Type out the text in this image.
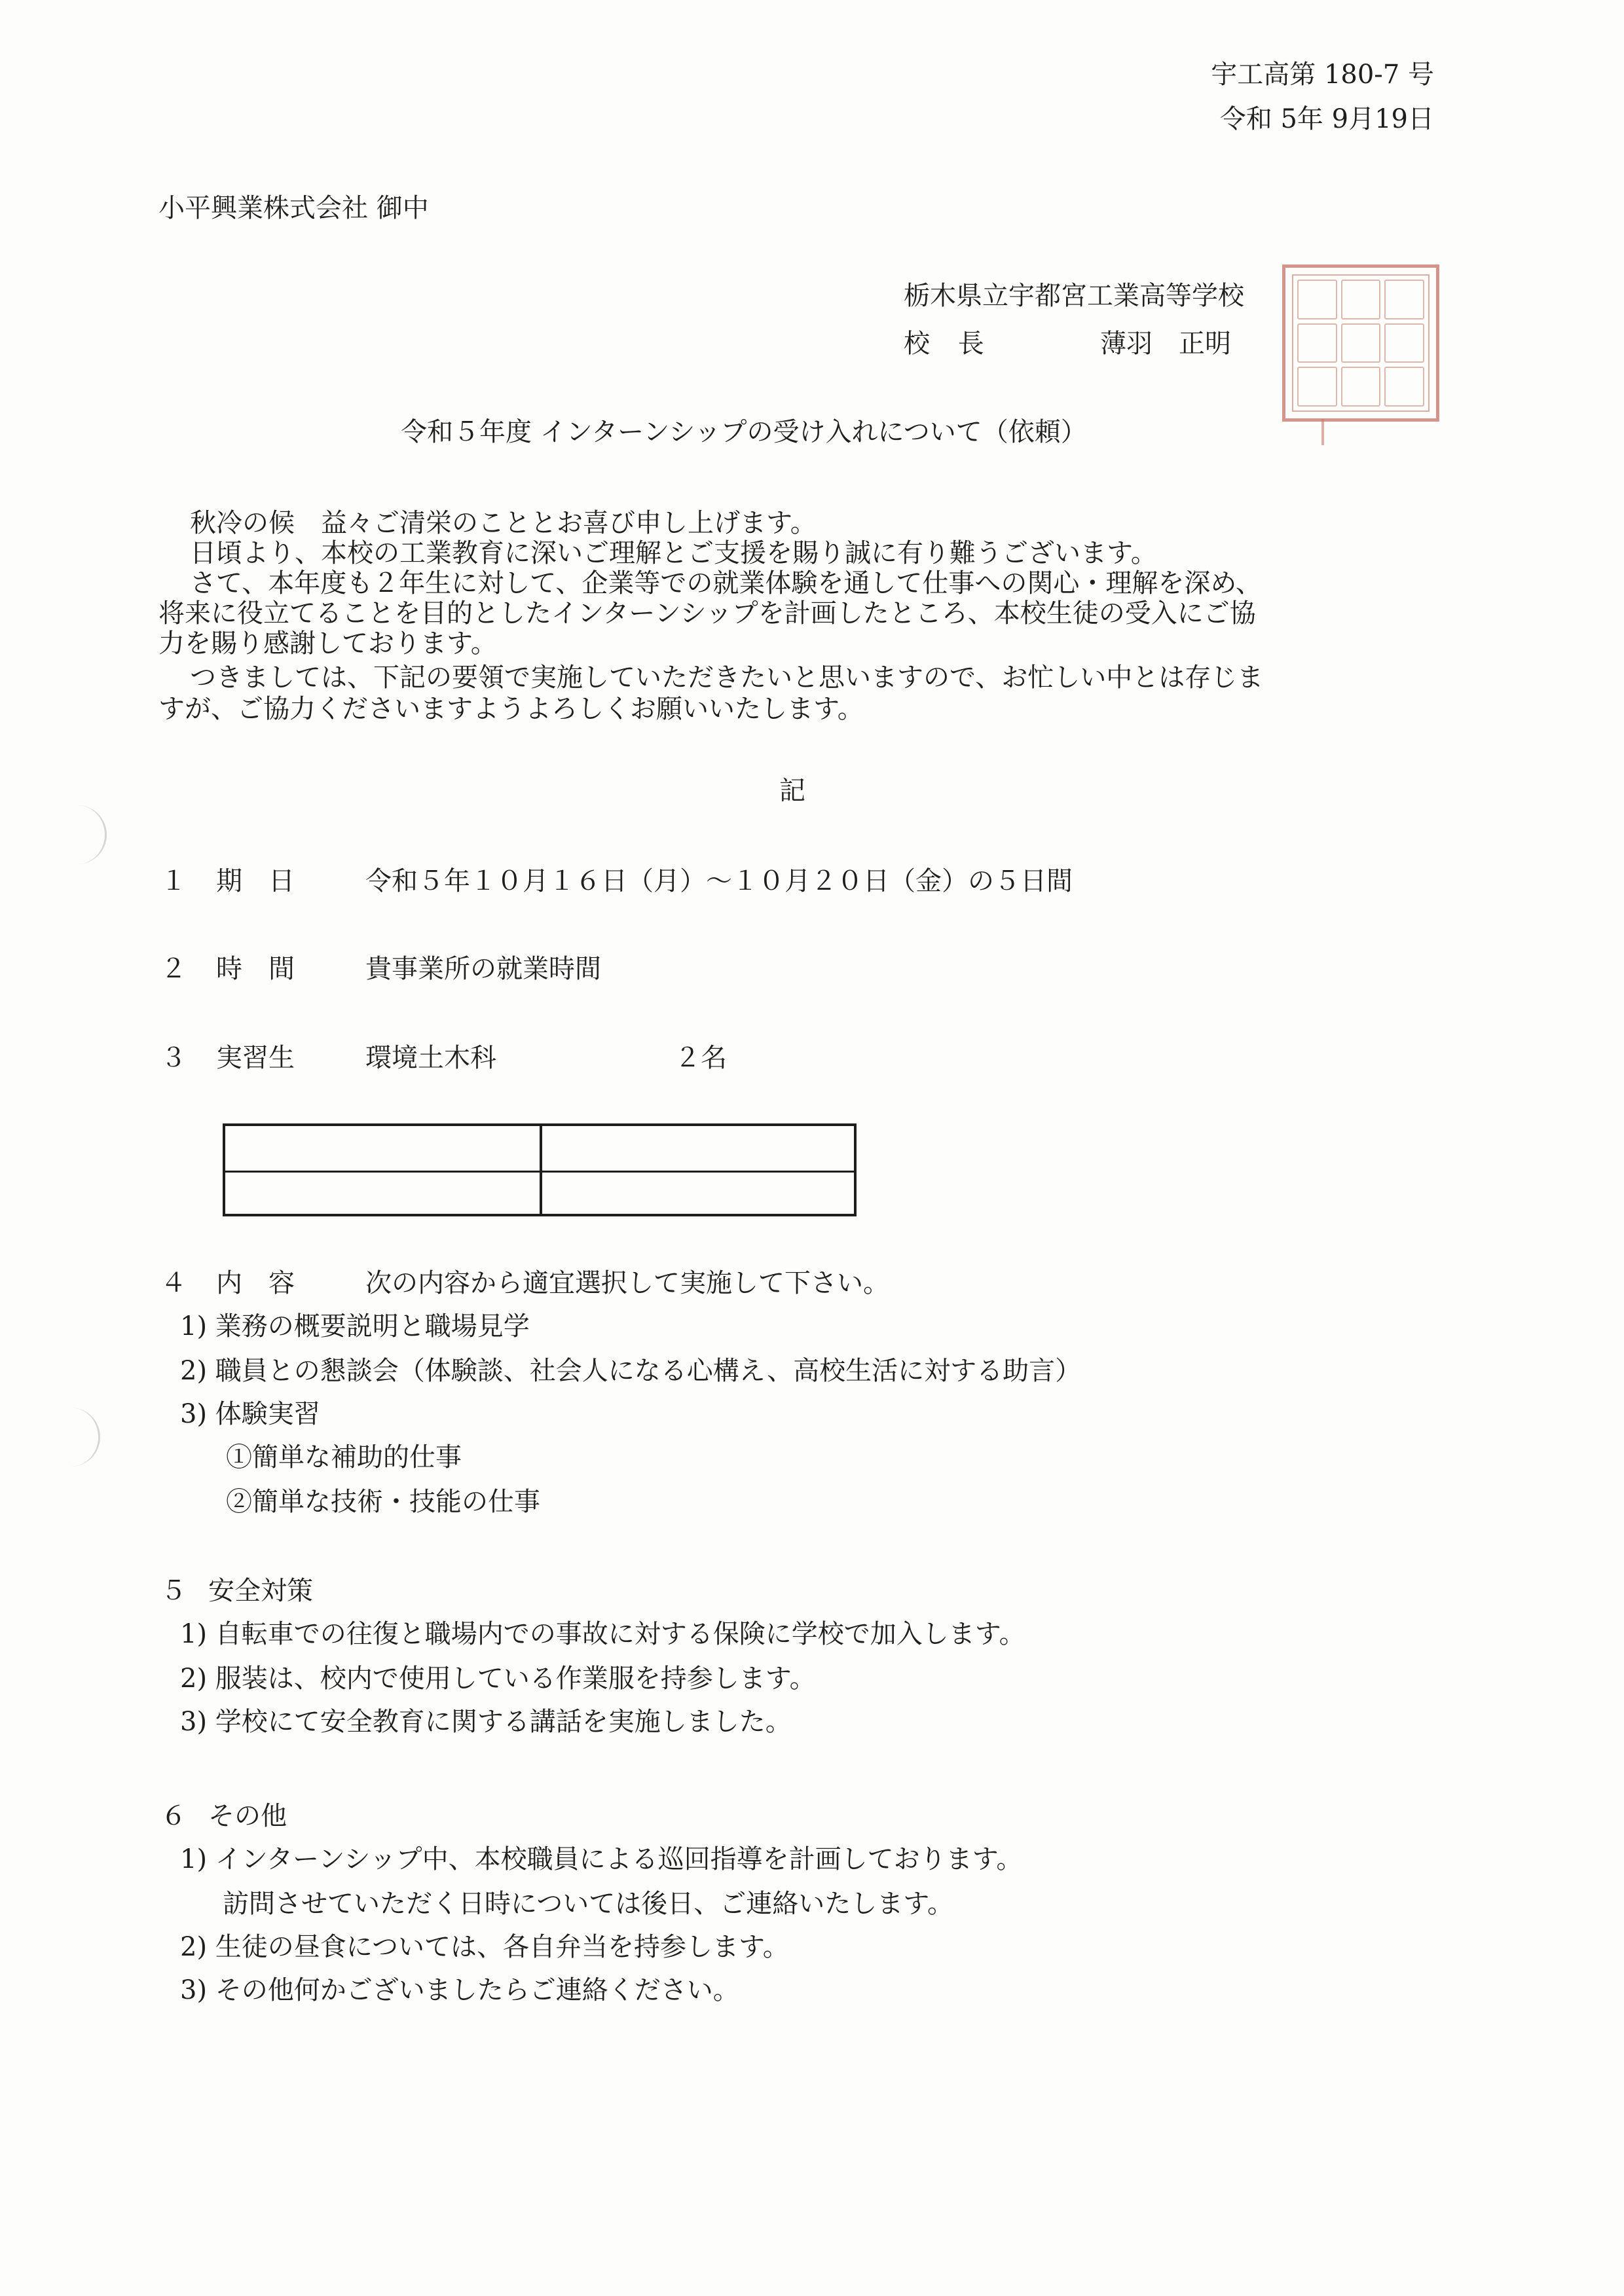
宇工高第 180-7 号
令和 5年 9月19日
小平興業株式会社 御中
栃木県立宇都宮工業高等学校
校 長	薄羽　正明
令和５年度 インターンシップの受け入れについて（依頼）
秋冷の候　益々ご清栄のこととお喜び申し上げます。
日頃より、本校の工業教育に深いご理解とご支援を賜り誠に有り難うございます。
さて、本年度も２年生に対して、企業等での就業体験を通して仕事への関心・理解を深め、
将来に役立てることを目的としたインターンシップを計画したところ、本校生徒の受入にご協
力を賜り感謝しております。
つきましては、下記の要領で実施していただきたいと思いますので、お忙しい中とは存じま
すが、ご協力くださいますようよろしくお願いいたします。
記
１ 期　日	令和５年１０月１６日（月）～１０月２０日（金）の５日間
２ 時　間	貴事業所の就業時間
３ 実習生	環境土木科	２名
４ 内　容	次の内容から適宜選択して実施して下さい。
1) 業務の概要説明と職場見学
2) 職員との懇談会（体験談、社会人になる心構え、高校生活に対する助言）
3) 体験実習
①簡単な補助的仕事
②簡単な技術・技能の仕事
５ 安全対策
1) 自転車での往復と職場内での事故に対する保険に学校で加入します。
2) 服装は、校内で使用している作業服を持参します。
3) 学校にて安全教育に関する講話を実施しました。
６ その他
1) インターンシップ中、本校職員による巡回指導を計画しております。
訪問させていただく日時については後日、ご連絡いたします。
2) 生徒の昼食については、各自弁当を持参します。
3) その他何かございましたらご連絡ください。
